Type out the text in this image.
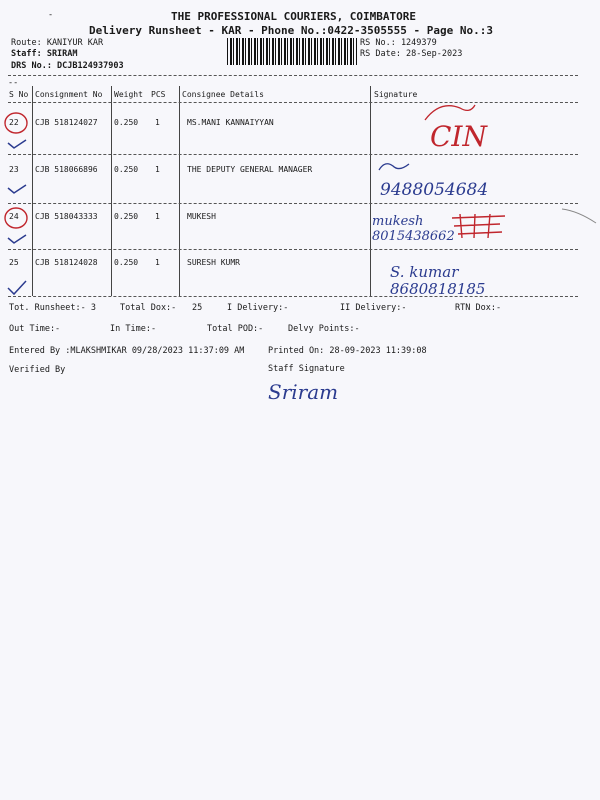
THE PROFESSIONAL COURIERS, COIMBATORE
-
Delivery Runsheet - KAR - Phone No.:0422-3505555 - Page No.:3
Route: KANIYUR KAR
Staff: SRIRAM
DRS No.: DCJB124937903
RS No.: 1249379
RS Date: 28-Sep-2023
--
S No Consignment No Weight PCS Consignee Details	Signature
22 CJB 518124027 0.250 1	MS.MANI KANNAIYYAN	CIN
23 CJB 518066896 0.250 1	THE DEPUTY GENERAL MANAGER
9488054684
24 CJB 518043333 0.250 1	MUKESH	mukesh 8015438662
25 CJB 518124028 0.250 1	SURESH KUMR
S. kumar 8680818185
Tot. Runsheet:- 3	Total Dox:- 25	I Delivery:-	II Delivery:-	RTN Dox:-
Out Time:-	In Time:-	Total POD:-	Delvy Points:-
Entered By :MLAKSHMIKAR 09/28/2023 11:37:09 AM	Printed On: 28-09-2023 11:39:08
Verified By	Staff Signature
Sriram
